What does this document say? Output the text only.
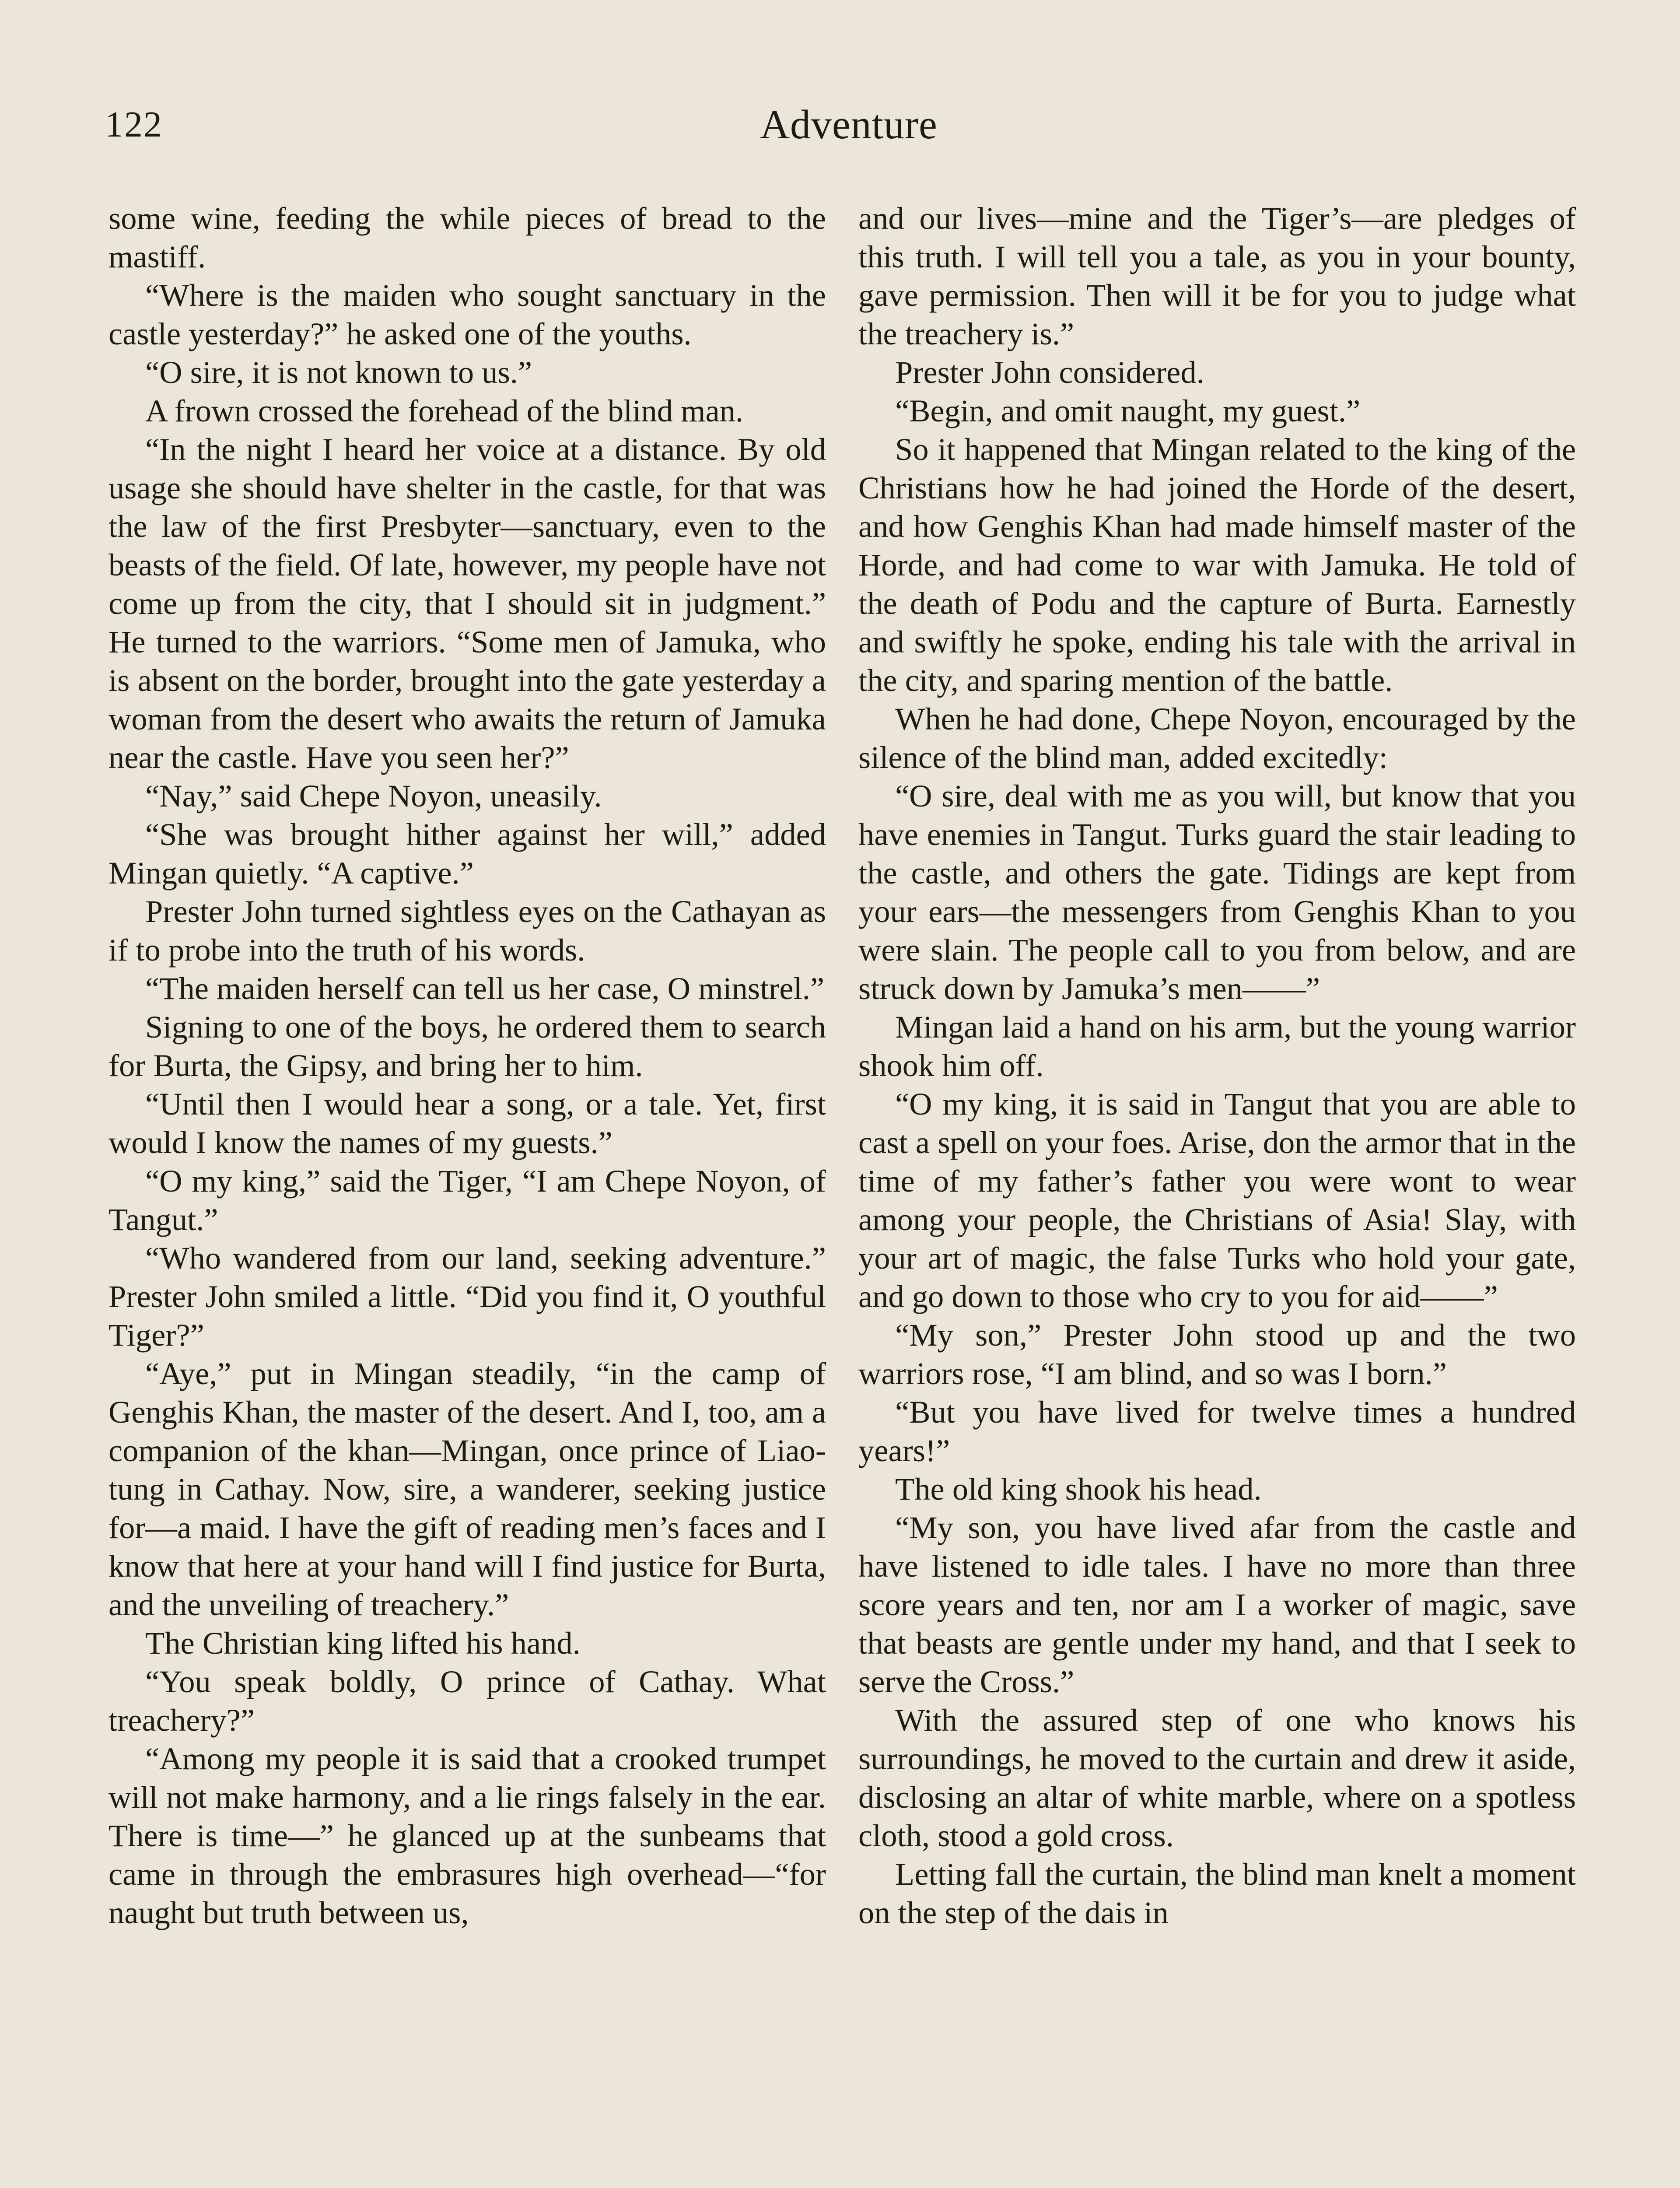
122	Adventure

some wine, feeding the while pieces of bread to the mastiff.

“Where is the maiden who sought sanctuary in the castle yesterday?” he asked one of the youths.

“O sire, it is not known to us.”

A frown crossed the forehead of the blind man.

“In the night I heard her voice at a distance. By old usage she should have shelter in the castle, for that was the law of the first Presbyter—sanctuary, even to the beasts of the field. Of late, however, my people have not come up from the city, that I should sit in judgment.” He turned to the warriors. “Some men of Jamuka, who is absent on the border, brought into the gate yesterday a woman from the desert who awaits the return of Jamuka near the castle. Have you seen her?”

“Nay,” said Chepe Noyon, uneasily.

“She was brought hither against her will,” added Mingan quietly. “A captive.”

Prester John turned sightless eyes on the Cathayan as if to probe into the truth of his words.

“The maiden herself can tell us her case, O minstrel.”

Signing to one of the boys, he ordered them to search for Burta, the Gipsy, and bring her to him.

“Until then I would hear a song, or a tale. Yet, first would I know the names of my guests.”

“O my king,” said the Tiger, “I am Chepe Noyon, of Tangut.”

“Who wandered from our land, seeking adventure.” Prester John smiled a little. “Did you find it, O youthful Tiger?”

“Aye,” put in Mingan steadily, “in the camp of Genghis Khan, the master of the desert. And I, too, am a companion of the khan—Mingan, once prince of Liao-tung in Cathay. Now, sire, a wanderer, seeking justice for—a maid. I have the gift of reading men’s faces and I know that here at your hand will I find justice for Burta, and the unveiling of treachery.”

The Christian king lifted his hand.

“You speak boldly, O prince of Cathay. What treachery?”

“Among my people it is said that a crooked trumpet will not make harmony, and a lie rings falsely in the ear. There is time—” he glanced up at the sunbeams that came in through the embrasures high overhead—“for naught but truth between us,

and our lives—mine and the Tiger’s—are pledges of this truth. I will tell you a tale, as you in your bounty, gave permission. Then will it be for you to judge what the treachery is.”

Prester John considered.

“Begin, and omit naught, my guest.”

So it happened that Mingan related to the king of the Christians how he had joined the Horde of the desert, and how Genghis Khan had made himself master of the Horde, and had come to war with Jamuka. He told of the death of Podu and the capture of Burta. Earnestly and swiftly he spoke, ending his tale with the arrival in the city, and sparing mention of the battle.

When he had done, Chepe Noyon, encouraged by the silence of the blind man, added excitedly:

“O sire, deal with me as you will, but know that you have enemies in Tangut. Turks guard the stair leading to the castle, and others the gate. Tidings are kept from your ears—the messengers from Genghis Khan to you were slain. The people call to you from below, and are struck down by Jamuka’s men——”

Mingan laid a hand on his arm, but the young warrior shook him off.

“O my king, it is said in Tangut that you are able to cast a spell on your foes. Arise, don the armor that in the time of my father’s father you were wont to wear among your people, the Christians of Asia! Slay, with your art of magic, the false Turks who hold your gate, and go down to those who cry to you for aid——”

“My son,” Prester John stood up and the two warriors rose, “I am blind, and so was I born.”

“But you have lived for twelve times a hundred years!”

The old king shook his head.

“My son, you have lived afar from the castle and have listened to idle tales. I have no more than three score years and ten, nor am I a worker of magic, save that beasts are gentle under my hand, and that I seek to serve the Cross.”

With the assured step of one who knows his surroundings, he moved to the curtain and drew it aside, disclosing an altar of white marble, where on a spotless cloth, stood a gold cross.

Letting fall the curtain, the blind man knelt a moment on the step of the dais in
